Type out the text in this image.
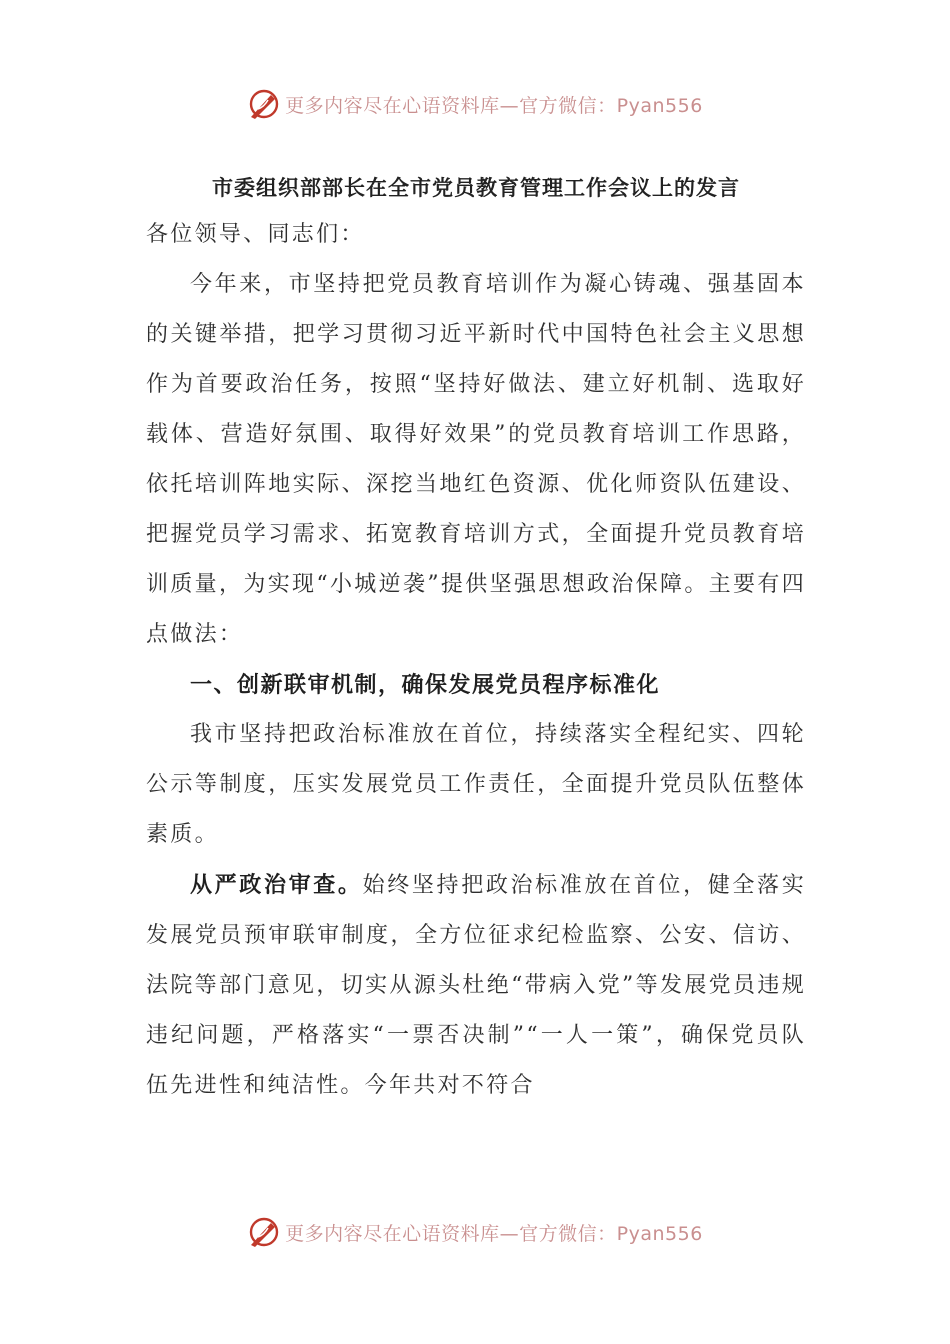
更多内容尽在心语资料库—官方微信：Pyan556
市委组织部部长在全市党员教育管理工作会议上的发言

各位领导、同志们：

今年来，市坚持把党员教育培训作为凝心铸魂、强基固本的关键举措，把学习贯彻习近平新时代中国特色社会主义思想作为首要政治任务，按照“坚持好做法、建立好机制、选取好载体、营造好氛围、取得好效果”的党员教育培训工作思路，依托培训阵地实际、深挖当地红色资源、优化师资队伍建设、把握党员学习需求、拓宽教育培训方式，全面提升党员教育培训质量，为实现“小城逆袭”提供坚强思想政治保障。主要有四点做法：

一、创新联审机制，确保发展党员程序标准化

我市坚持把政治标准放在首位，持续落实全程纪实、四轮公示等制度，压实发展党员工作责任，全面提升党员队伍整体素质。

从严政治审查。始终坚持把政治标准放在首位，健全落实发展党员预审联审制度，全方位征求纪检监察、公安、信访、法院等部门意见，切实从源头杜绝“带病入党”等发展党员违规违纪问题，严格落实“一票否决制”“一人一策”，确保党员队伍先进性和纯洁性。今年共对不符合

更多内容尽在心语资料库—官方微信：Pyan556
